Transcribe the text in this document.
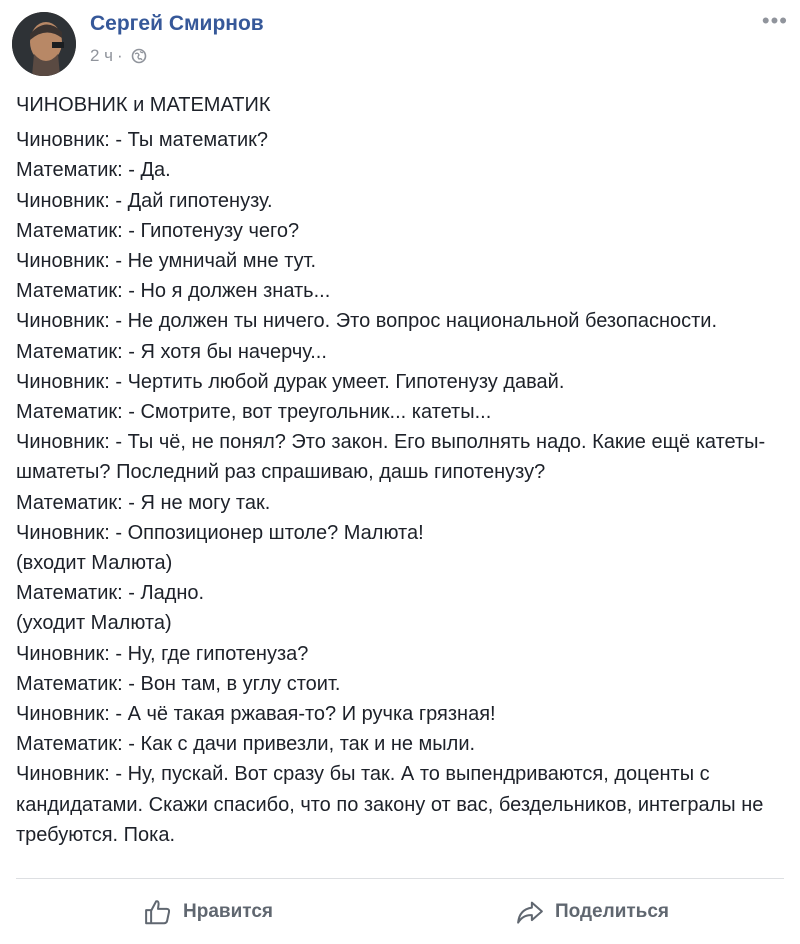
Сергей Смирнов
2 ч ·
•••
ЧИНОВНИК и МАТЕМАТИК
Чиновник: - Ты математик?
Математик: - Да.
Чиновник: - Дай гипотенузу.
Математик: - Гипотенузу чего?
Чиновник: - Не умничай мне тут.
Математик: - Но я должен знать...
Чиновник: - Не должен ты ничего. Это вопрос национальной безопасности.
Математик: - Я хотя бы начерчу...
Чиновник: - Чертить любой дурак умеет. Гипотенузу давай.
Математик: - Смотрите, вот треугольник... катеты...
Чиновник: - Ты чё, не понял? Это закон. Его выполнять надо. Какие ещё катеты-шматеты? Последний раз спрашиваю, дашь гипотенузу?
Математик: - Я не могу так.
Чиновник: - Оппозиционер штоле? Малюта!
(входит Малюта)
Математик: - Ладно.
(уходит Малюта)
Чиновник: - Ну, где гипотенуза?
Математик: - Вон там, в углу стоит.
Чиновник: - А чё такая ржавая-то? И ручка грязная!
Математик: - Как с дачи привезли, так и не мыли.
Чиновник: - Ну, пускай. Вот сразу бы так. А то выпендриваются, доценты с кандидатами. Скажи спасибо, что по закону от вас, бездельников, интегралы не требуются. Пока.
Нравится	Поделиться
